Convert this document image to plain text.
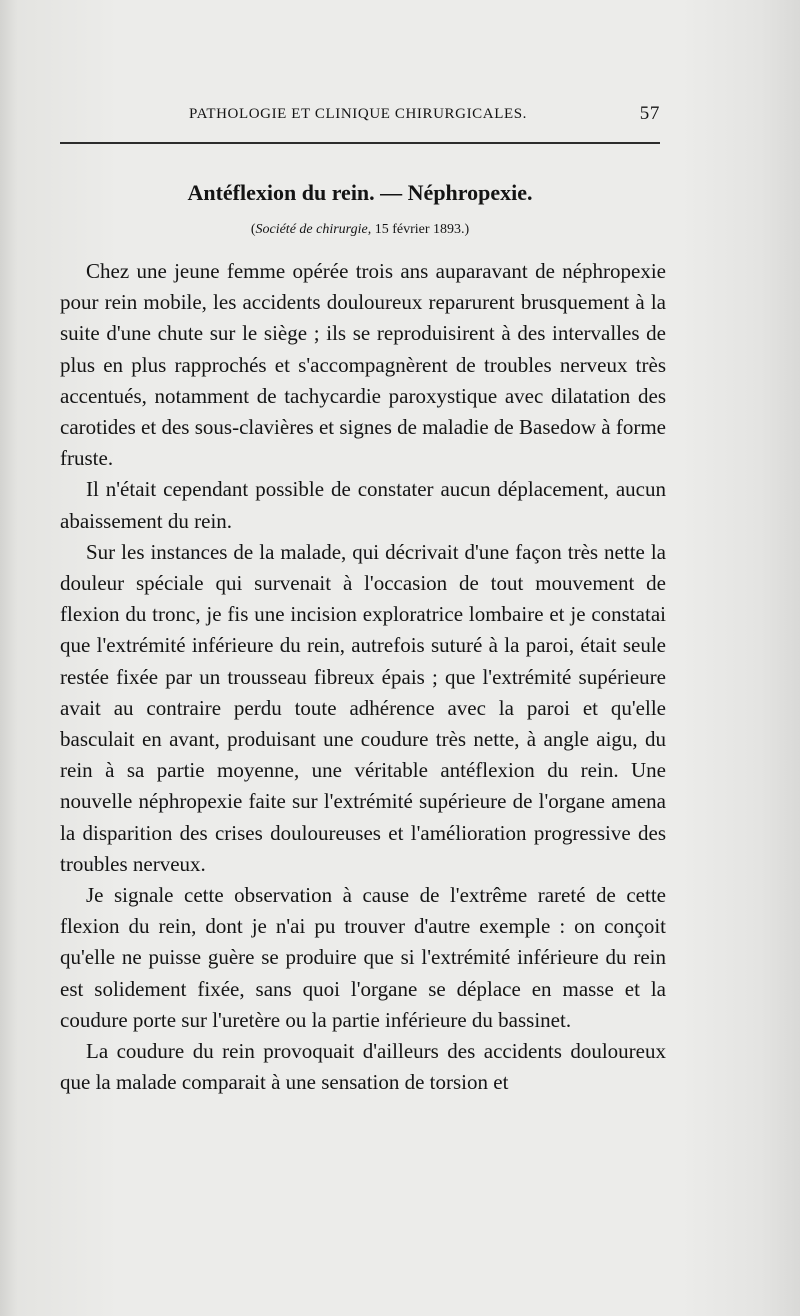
PATHOLOGIE ET CLINIQUE CHIRURGICALES.	57
Antéflexion du rein. — Néphropexie.
(Société de chirurgie, 15 février 1893.)

Chez une jeune femme opérée trois ans auparavant de néphropexie pour rein mobile, les accidents douloureux reparurent brusquement à la suite d'une chute sur le siège ; ils se reproduisirent à des intervalles de plus en plus rapprochés et s'accompagnèrent de troubles nerveux très accentués, notamment de tachycardie paroxystique avec dilatation des carotides et des sous-clavières et signes de maladie de Basedow à forme fruste.

Il n'était cependant possible de constater aucun déplacement, aucun abaissement du rein.

Sur les instances de la malade, qui décrivait d'une façon très nette la douleur spéciale qui survenait à l'occasion de tout mouvement de flexion du tronc, je fis une incision exploratrice lombaire et je constatai que l'extrémité inférieure du rein, autrefois suturé à la paroi, était seule restée fixée par un trousseau fibreux épais ; que l'extrémité supérieure avait au contraire perdu toute adhérence avec la paroi et qu'elle basculait en avant, produisant une coudure très nette, à angle aigu, du rein à sa partie moyenne, une véritable antéflexion du rein. Une nouvelle néphropexie faite sur l'extrémité supérieure de l'organe amena la disparition des crises douloureuses et l'amélioration progressive des troubles nerveux.

Je signale cette observation à cause de l'extrême rareté de cette flexion du rein, dont je n'ai pu trouver d'autre exemple : on conçoit qu'elle ne puisse guère se produire que si l'extrémité inférieure du rein est solidement fixée, sans quoi l'organe se déplace en masse et la coudure porte sur l'uretère ou la partie inférieure du bassinet.

La coudure du rein provoquait d'ailleurs des accidents douloureux que la malade comparait à une sensation de torsion et
